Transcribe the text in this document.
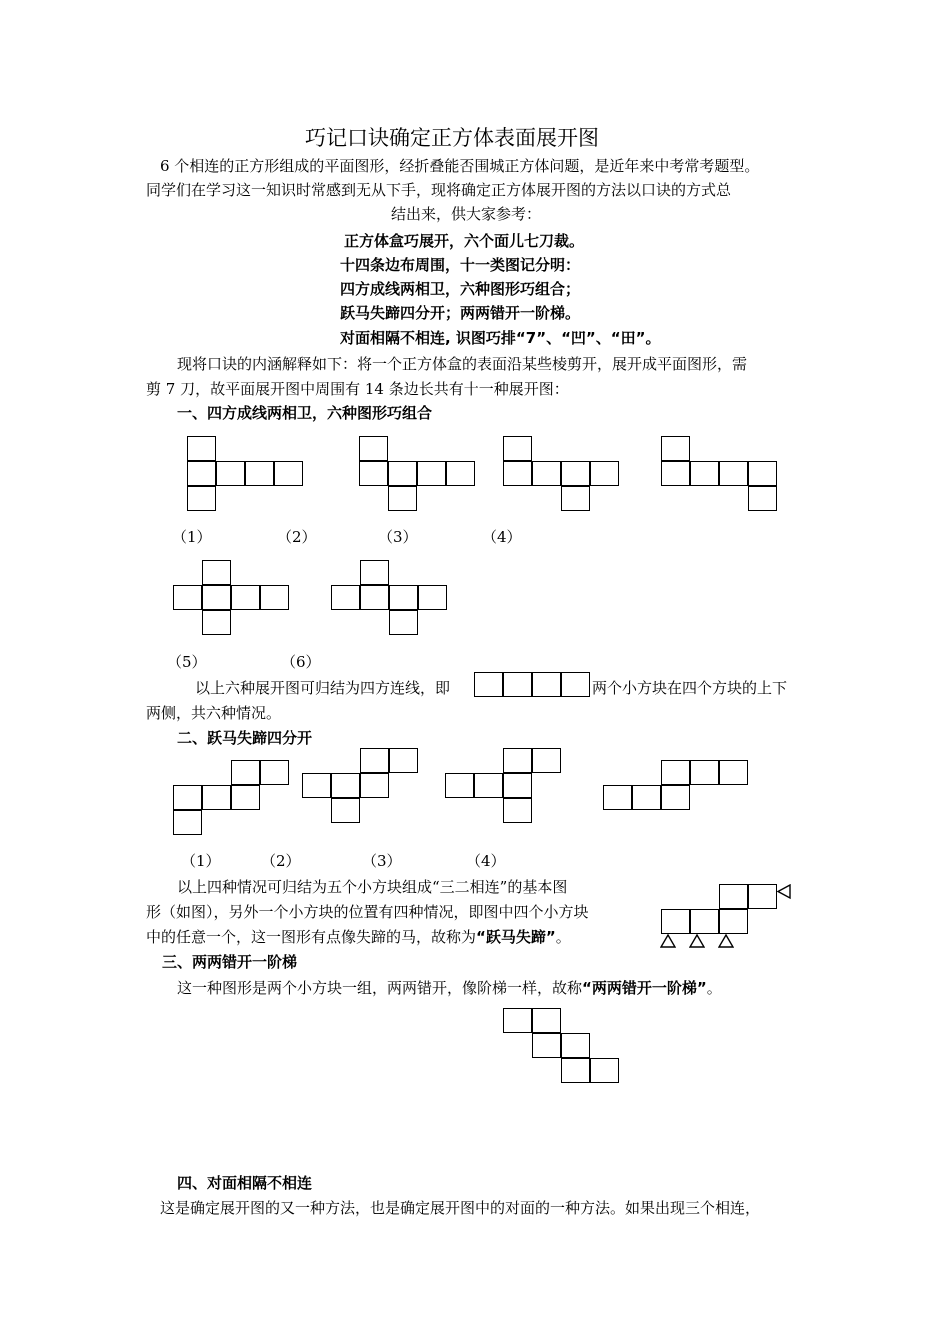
巧记口诀确定正方体表面展开图
6 个相连的正方形组成的平面图形，经折叠能否围城正方体问题，是近年来中考常考题型。
同学们在学习这一知识时常感到无从下手，现将确定正方体展开图的方法以口诀的方式总
结出来，供大家参考：
正方体盒巧展开，六个面儿七刀裁。
十四条边布周围，十一类图记分明：
四方成线两相卫，六种图形巧组合；
跃马失蹄四分开；两两错开一阶梯。
对面相隔不相连, 识图巧排“7”、“凹”、“田”。
现将口诀的内涵解释如下：将一个正方体盒的表面沿某些棱剪开，展开成平面图形，需
剪 7 刀，故平面展开图中周围有 14 条边长共有十一种展开图：
一、四方成线两相卫，六种图形巧组合
（1）	（2）	（3）	（4）
（5）	（6）
以上六种展开图可归结为四方连线，即	两个小方块在四个方块的上下
两侧，共六种情况。
二、跃马失蹄四分开
（1）	（2）	（3）	（4）
以上四种情况可归结为五个小方块组成“三二相连”的基本图
形（如图），另外一个小方块的位置有四种情况，即图中四个小方块
中的任意一个，这一图形有点像失蹄的马，故称为“跃马失蹄”。
三、两两错开一阶梯
这一种图形是两个小方块一组，两两错开，像阶梯一样，故称“两两错开一阶梯”。
四、对面相隔不相连
这是确定展开图的又一种方法，也是确定展开图中的对面的一种方法。如果出现三个相连，
